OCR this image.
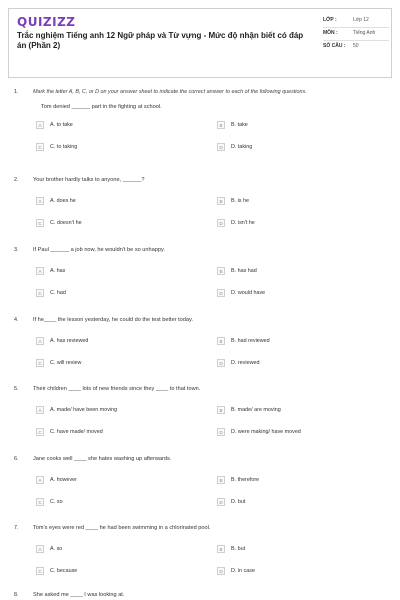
QUIZIZZ
Trắc nghiệm Tiếng anh 12 Ngữ pháp và Từ vựng - Mức độ nhận biết có đáp án (Phần 2)
LỚP :	Lớp 12
MÔN :	Tiếng Anh
SỐ CÂU :	50
1.	Mark the letter A, B, C, or D on your answer sheet to indicate the correct answer to each of the following questions.
Tom denied ______ part in the fighting at school.
A	A. to take	B	B. take
C	C. to taking	D	D. taking
2.	Your brother hardly talks to anyone, ______?
A	A. does he	B	B. is he
C	C. doesn't he	D	D. isn't he
3.	If Paul ______ a job now, he wouldn't be so unhappy.
A	A. has	B	B. has had
C	C. had	D	D. would have
4.	If he____ the lesson yesterday, he could do the test better today.
A	A. has reviewed	B	B. had reviewed
C	C. will review	D	D. reviewed
5.	Their children ____ lots of new friends since they ____ to that town.
A	A. made/ have been moving	B	B. made/ are moving
C	C. have made/ moved	D	D. were making/ have moved
6.	Jane cooks well ____ she hates washing up afterwards.
A	A. however	B	B. therefore
C	C. so	D	D. but
7.	Tom's eyes were red ____ he had been swimming in a chlorinated pool.
A	A. so	B	B. but
C	C. because	D	D. in case
8.	She asked me ____ I was looking at.
